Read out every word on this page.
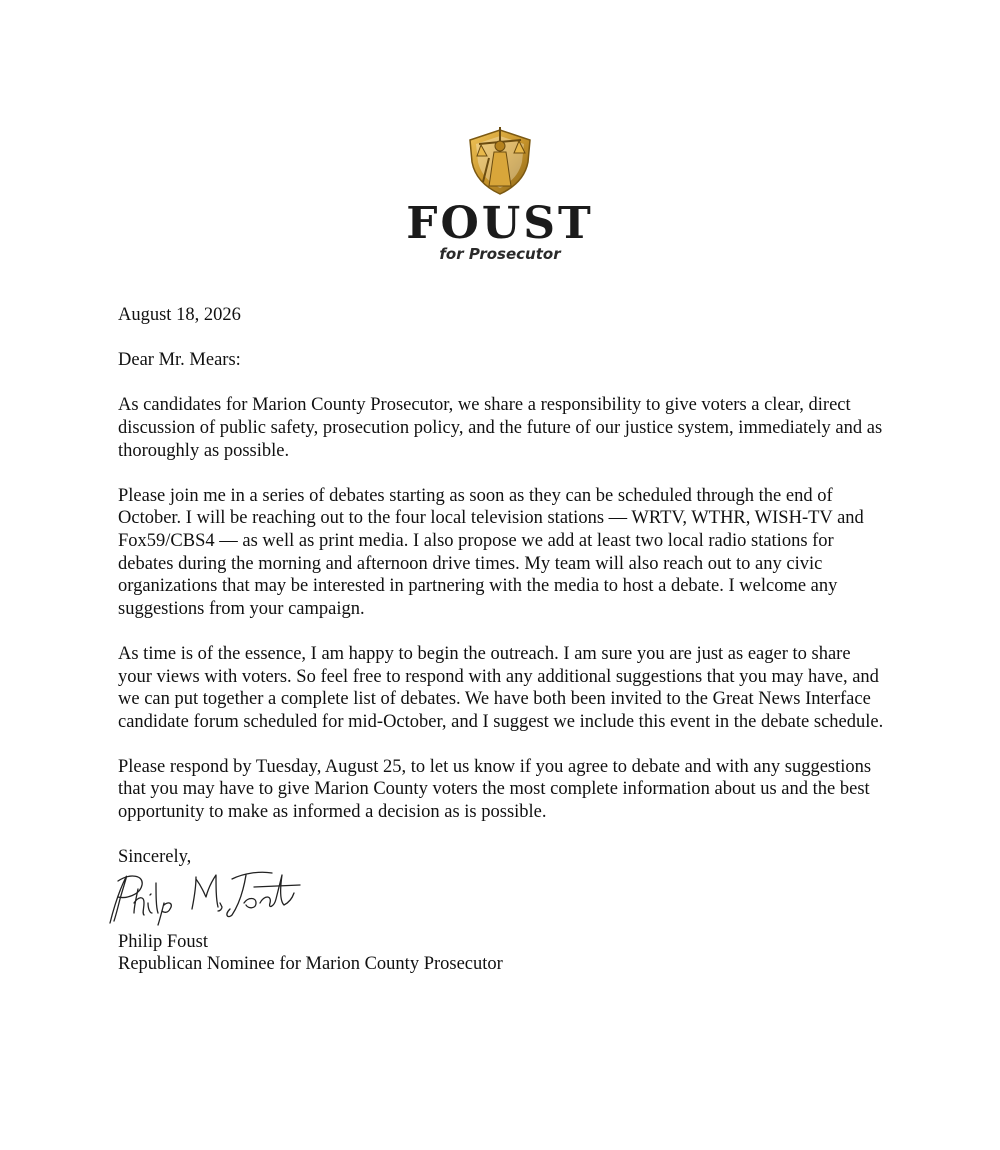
FOUST
for Prosecutor

August 18, 2026

Dear Mr. Mears:

As candidates for Marion County Prosecutor, we share a responsibility to give voters a clear, direct discussion of public safety, prosecution policy, and the future of our justice system, immediately and as thoroughly as possible.

Please join me in a series of debates starting as soon as they can be scheduled through the end of October. I will be reaching out to the four local television stations — WRTV, WTHR, WISH-TV and Fox59/CBS4 — as well as print media. I also propose we add at least two local radio stations for debates during the morning and afternoon drive times. My team will also reach out to any civic organizations that may be interested in partnering with the media to host a debate. I welcome any suggestions from your campaign.

As time is of the essence, I am happy to begin the outreach. I am sure you are just as eager to share your views with voters. So feel free to respond with any additional suggestions that you may have, and we can put together a complete list of debates. We have both been invited to the Great News Interface candidate forum scheduled for mid-October, and I suggest we include this event in the debate schedule.

Please respond by Tuesday, August 25, to let us know if you agree to debate and with any suggestions that you may have to give Marion County voters the most complete information about us and the best opportunity to make as informed a decision as is possible.

Sincerely,

Philip Foust

Republican Nominee for Marion County Prosecutor
